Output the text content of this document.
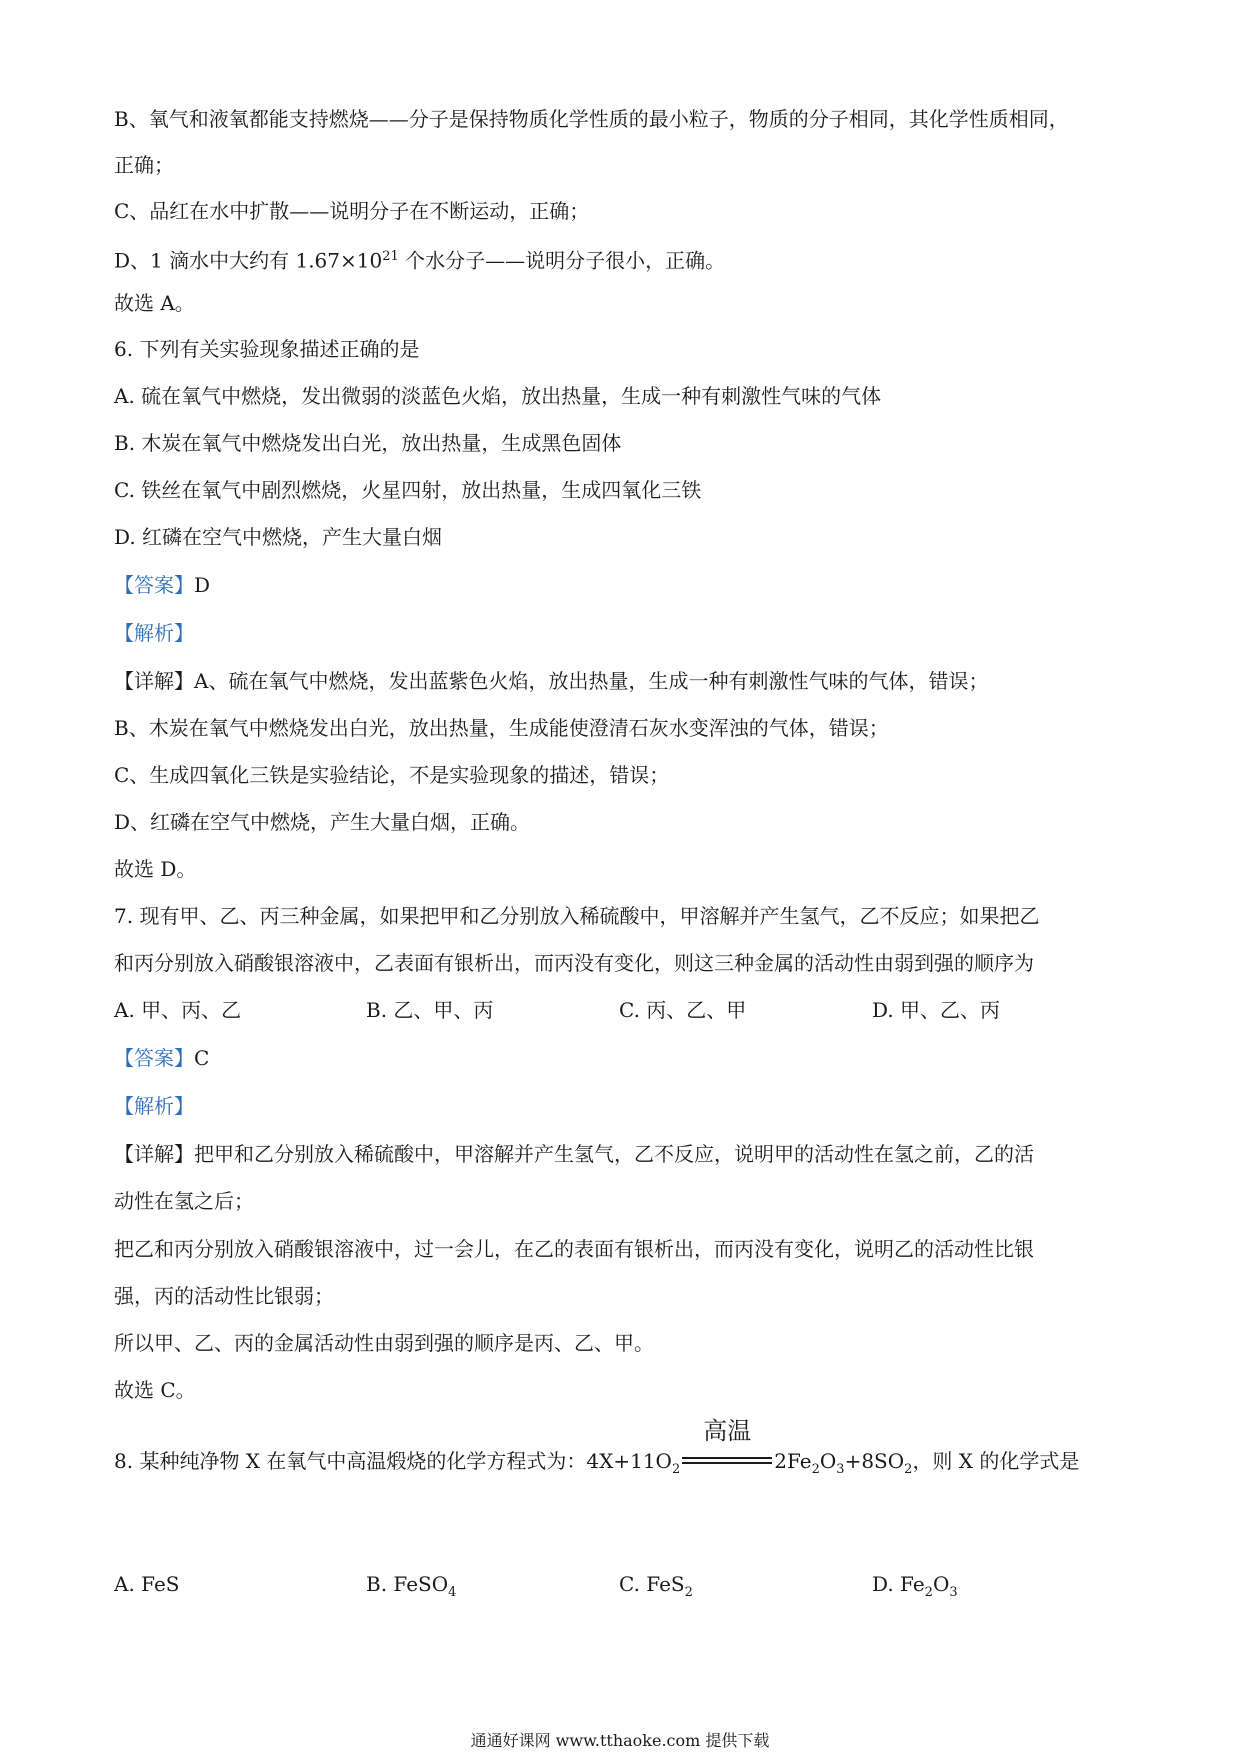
B、氧气和液氧都能支持燃烧——分子是保持物质化学性质的最小粒子，物质的分子相同，其化学性质相同，
正确；
C、品红在水中扩散——说明分子在不断运动，正确；
D、1 滴水中大约有 $1.67\times 10^{21}$ 个水分子——说明分子很小，正确。
故选 A。
6. 下列有关实验现象描述正确的是
A. 硫在氧气中燃烧，发出微弱的淡蓝色火焰，放出热量，生成一种有刺激性气味的气体
B. 木炭在氧气中燃烧发出白光，放出热量，生成黑色固体
C. 铁丝在氧气中剧烈燃烧，火星四射，放出热量，生成四氧化三铁
D. 红磷在空气中燃烧，产生大量白烟
【答案】D
【解析】
【详解】A、硫在氧气中燃烧，发出蓝紫色火焰，放出热量，生成一种有刺激性气味的气体，错误；
B、木炭在氧气中燃烧发出白光，放出热量，生成能使澄清石灰水变浑浊的气体，错误；
C、生成四氧化三铁是实验结论，不是实验现象的描述，错误；
D、红磷在空气中燃烧，产生大量白烟，正确。
故选 D。
7. 现有甲、乙、丙三种金属，如果把甲和乙分别放入稀硫酸中，甲溶解并产生氢气，乙不反应；如果把乙
和丙分别放入硝酸银溶液中，乙表面有银析出，而丙没有变化，则这三种金属的活动性由弱到强的顺序为
A. 甲、丙、乙	B. 乙、甲、丙	C. 丙、乙、甲	D. 甲、乙、丙
【答案】C
【解析】
【详解】把甲和乙分别放入稀硫酸中，甲溶解并产生氢气，乙不反应，说明甲的活动性在氢之前，乙的活
动性在氢之后；
把乙和丙分别放入硝酸银溶液中，过一会儿，在乙的表面有银析出，而丙没有变化，说明乙的活动性比银
强，丙的活动性比银弱；
所以甲、乙、丙的金属活动性由弱到强的顺序是丙、乙、甲。
故选 C。
8. 某种纯净物 X 在氧气中高温煅烧的化学方程式为：$4X+11O_2$
高温
$2Fe_2O_3+8SO_2$，则 X 的化学式是
A. FeS	B. FeSO$_4$	C. FeS$_2$	D. $Fe_2O_3$
通通好课网 www.tthaoke.com 提供下载
